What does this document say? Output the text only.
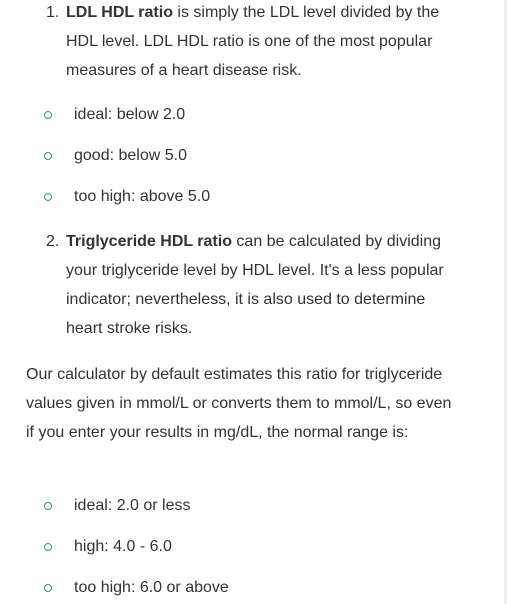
1. LDL HDL ratio is simply the LDL level divided by the HDL level. LDL HDL ratio is one of the most popular measures of a heart disease risk.
ideal: below 2.0
good: below 5.0
too high: above 5.0
2. Triglyceride HDL ratio can be calculated by dividing your triglyceride level by HDL level. It's a less popular indicator; nevertheless, it is also used to determine heart stroke risks.
Our calculator by default estimates this ratio for triglyceride values given in mmol/L or converts them to mmol/L, so even if you enter your results in mg/dL, the normal range is:
ideal: 2.0 or less
high: 4.0 - 6.0
too high: 6.0 or above
